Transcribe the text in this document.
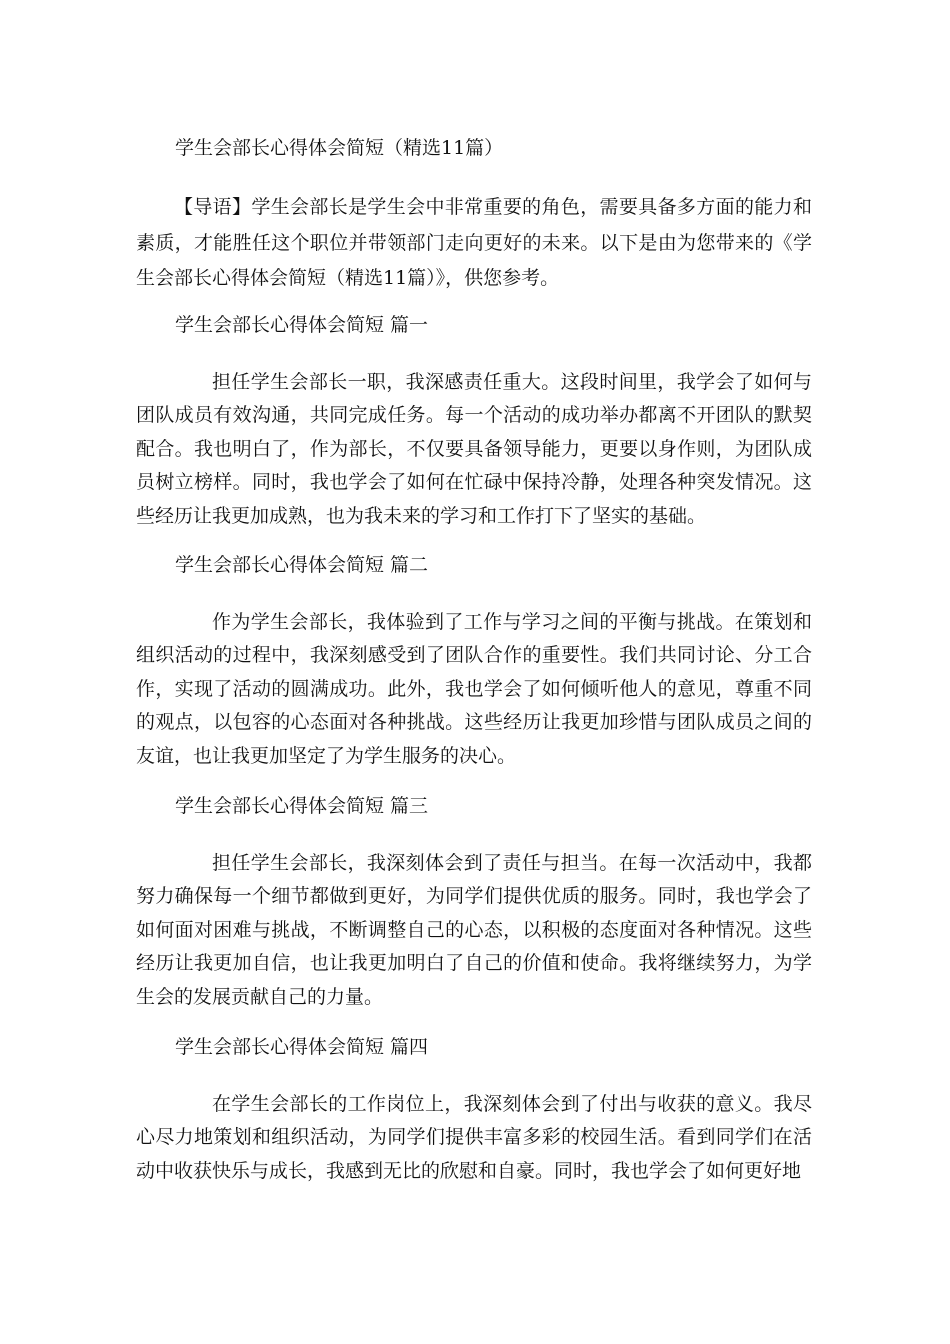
学生会部长心得体会简短（精选11篇）

【导语】学生会部长是学生会中非常重要的角色，需要具备多方面的能力和素质，才能胜任这个职位并带领部门走向更好的未来。以下是由为您带来的《学生会部长心得体会简短（精选11篇）》，供您参考。

学生会部长心得体会简短 篇一

担任学生会部长一职，我深感责任重大。这段时间里，我学会了如何与团队成员有效沟通，共同完成任务。每一个活动的成功举办都离不开团队的默契配合。我也明白了，作为部长，不仅要具备领导能力，更要以身作则，为团队成员树立榜样。同时，我也学会了如何在忙碌中保持冷静，处理各种突发情况。这些经历让我更加成熟，也为我未来的学习和工作打下了坚实的基础。

学生会部长心得体会简短 篇二

作为学生会部长，我体验到了工作与学习之间的平衡与挑战。在策划和组织活动的过程中，我深刻感受到了团队合作的重要性。我们共同讨论、分工合作，实现了活动的圆满成功。此外，我也学会了如何倾听他人的意见，尊重不同的观点，以包容的心态面对各种挑战。这些经历让我更加珍惜与团队成员之间的友谊，也让我更加坚定了为学生服务的决心。

学生会部长心得体会简短 篇三

担任学生会部长，我深刻体会到了责任与担当。在每一次活动中，我都努力确保每一个细节都做到更好，为同学们提供优质的服务。同时，我也学会了如何面对困难与挑战，不断调整自己的心态，以积极的态度面对各种情况。这些经历让我更加自信，也让我更加明白了自己的价值和使命。我将继续努力，为学生会的发展贡献自己的力量。

学生会部长心得体会简短 篇四

在学生会部长的工作岗位上，我深刻体会到了付出与收获的意义。我尽心尽力地策划和组织活动，为同学们提供丰富多彩的校园生活。看到同学们在活动中收获快乐与成长，我感到无比的欣慰和自豪。同时，我也学会了如何更好地
